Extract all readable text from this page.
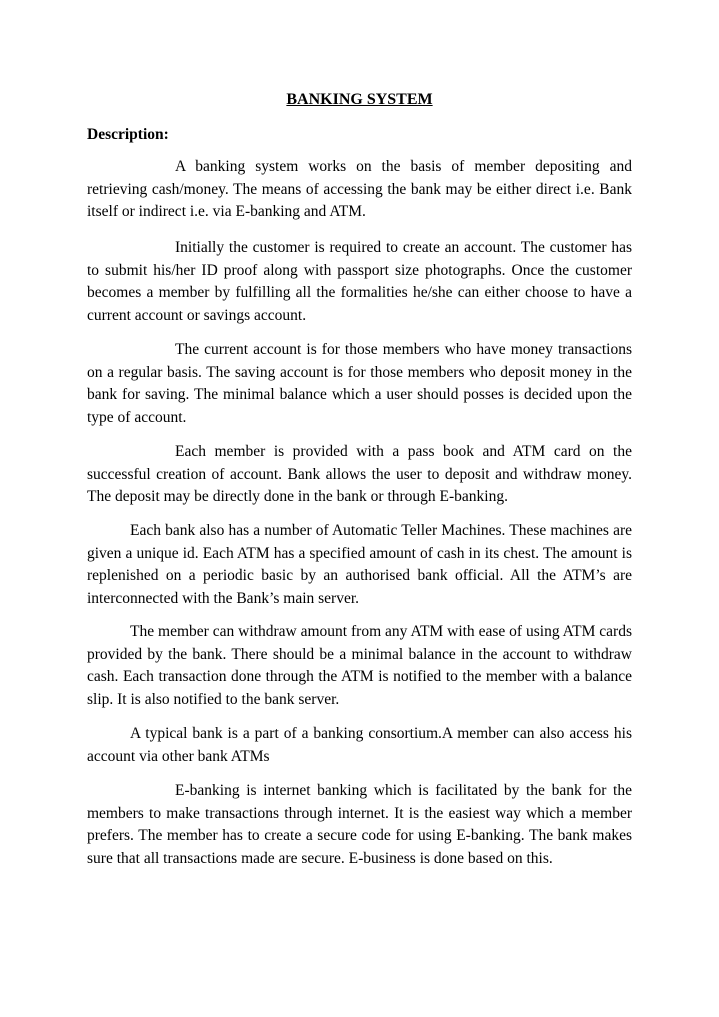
BANKING SYSTEM
Description:

A banking system works on the basis of member depositing and retrieving cash/money. The means of accessing the bank may be either direct i.e. Bank itself or indirect i.e. via E-banking and ATM.

Initially the customer is required to create an account. The customer has to submit his/her ID proof along with passport size photographs. Once the customer becomes a member by fulfilling all the formalities he/she can either choose to have a current account or savings account.

The current account is for those members who have money transactions on a regular basis. The saving account is for those members who deposit money in the bank for saving. The minimal balance which a user should posses is decided upon the type of account.

Each member is provided with a pass book and ATM card on the successful creation of account. Bank allows the user to deposit and withdraw money. The deposit may be directly done in the bank or through E-banking.

Each bank also has a number of Automatic Teller Machines. These machines are given a unique id. Each ATM has a specified amount of cash in its chest. The amount is replenished on a periodic basic by an authorised bank official. All the ATM’s are interconnected with the Bank’s main server.

The member can withdraw amount from any ATM with ease of using ATM cards provided by the bank. There should be a minimal balance in the account to withdraw cash. Each transaction done through the ATM is notified to the member with a balance slip. It is also notified to the bank server.

A typical bank is a part of a banking consortium.A member can also access his account via other bank ATMs

E-banking is internet banking which is facilitated by the bank for the members to make transactions through internet. It is the easiest way which a member prefers. The member has to create a secure code for using E-banking. The bank makes sure that all transactions made are secure. E-business is done based on this.
